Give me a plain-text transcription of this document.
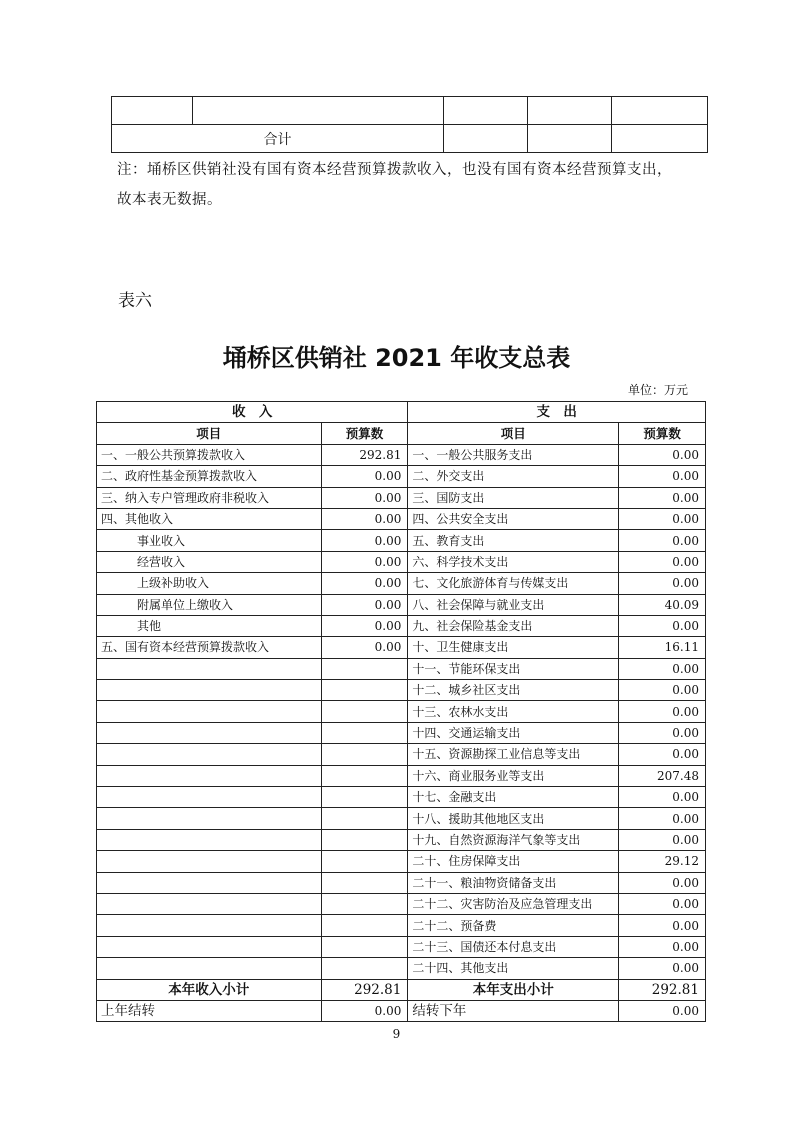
合计				
注：埇桥区供销社没有国有资本经营预算拨款收入，也没有国有资本经营预算支出，
故本表无数据。
表六
埇桥区供销社 2021 年收支总表
单位：万元
收　入		支　出	
项目	预算数	项目	预算数
一、一般公共预算拨款收入	292.81	一、一般公共服务支出	0.00
二、政府性基金预算拨款收入	0.00	二、外交支出	0.00
三、纳入专户管理政府非税收入	0.00	三、国防支出	0.00
四、其他收入	0.00	四、公共安全支出	0.00
事业收入	0.00	五、教育支出	0.00
经营收入	0.00	六、科学技术支出	0.00
上级补助收入	0.00	七、文化旅游体育与传媒支出	0.00
附属单位上缴收入	0.00	八、社会保障与就业支出	40.09
其他	0.00	九、社会保险基金支出	0.00
五、国有资本经营预算拨款收入	0.00	十、卫生健康支出	16.11
		十一、节能环保支出	0.00
		十二、城乡社区支出	0.00
		十三、农林水支出	0.00
		十四、交通运输支出	0.00
		十五、资源勘探工业信息等支出	0.00
		十六、商业服务业等支出	207.48
		十七、金融支出	0.00
		十八、援助其他地区支出	0.00
		十九、自然资源海洋气象等支出	0.00
		二十、住房保障支出	29.12
		二十一、粮油物资储备支出	0.00
		二十二、灾害防治及应急管理支出	0.00
		二十二、预备费	0.00
		二十三、国债还本付息支出	0.00
		二十四、其他支出	0.00
本年收入小计	292.81	本年支出小计	292.81
上年结转	0.00	结转下年	0.00
9
